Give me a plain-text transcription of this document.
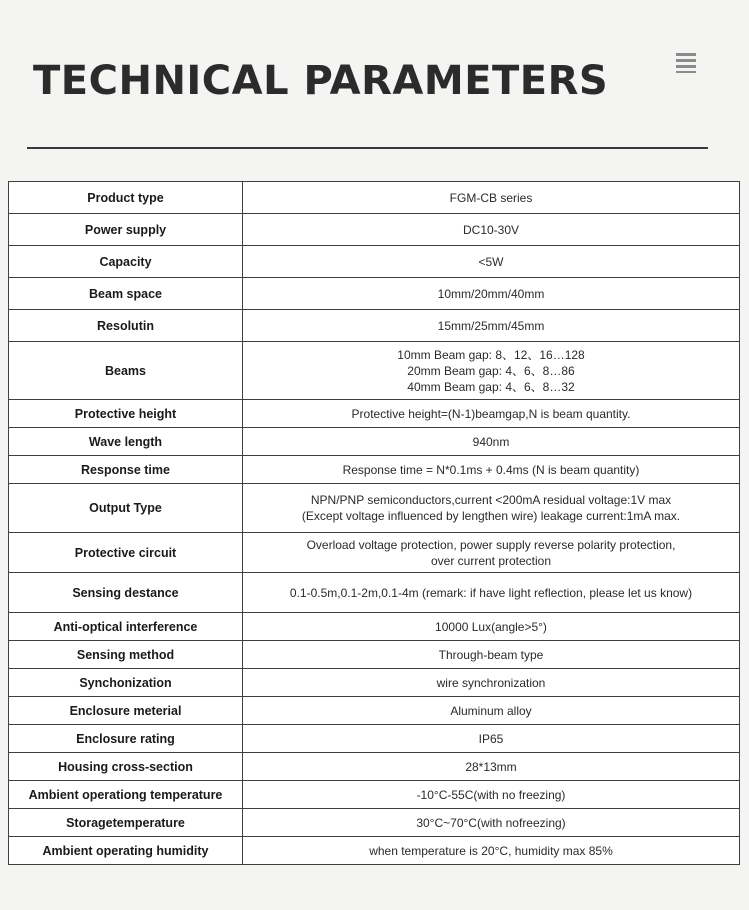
TECHNICAL PARAMETERS
Product type	FGM-CB series

Power supply	DC10-30V

Capacity	<5W

Beam space	10mm/20mm/40mm

Resolutin	15mm/25mm/45mm

Beams	10mm Beam gap: 8、12、16…128
20mm Beam gap: 4、6、8…86
40mm Beam gap: 4、6、8…32

Protective height	Protective height=(N-1)beamgap,N is beam quantity.

Wave length	940nm

Response time	Response time = N*0.1ms + 0.4ms (N is beam quantity)

Output Type	NPN/PNP semiconductors,current <200mA residual voltage:1V max
(Except voltage influenced by lengthen wire) leakage current:1mA max.

Protective circuit	Overload voltage protection, power supply reverse polarity protection,
over current protection

Sensing destance	0.1-0.5m,0.1-2m,0.1-4m (remark: if have light reflection, please let us know)

Anti-optical interference	10000 Lux(angle>5°)

Sensing method	Through-beam type

Synchonization	wire synchronization

Enclosure meterial	Aluminum alloy

Enclosure rating	IP65

Housing cross-section	28*13mm

Ambient operationg temperature	-10°C-55C(with no freezing)

Storagetemperature	30°C~70°C(with nofreezing)

Ambient operating humidity	when temperature is 20°C, humidity max 85%
